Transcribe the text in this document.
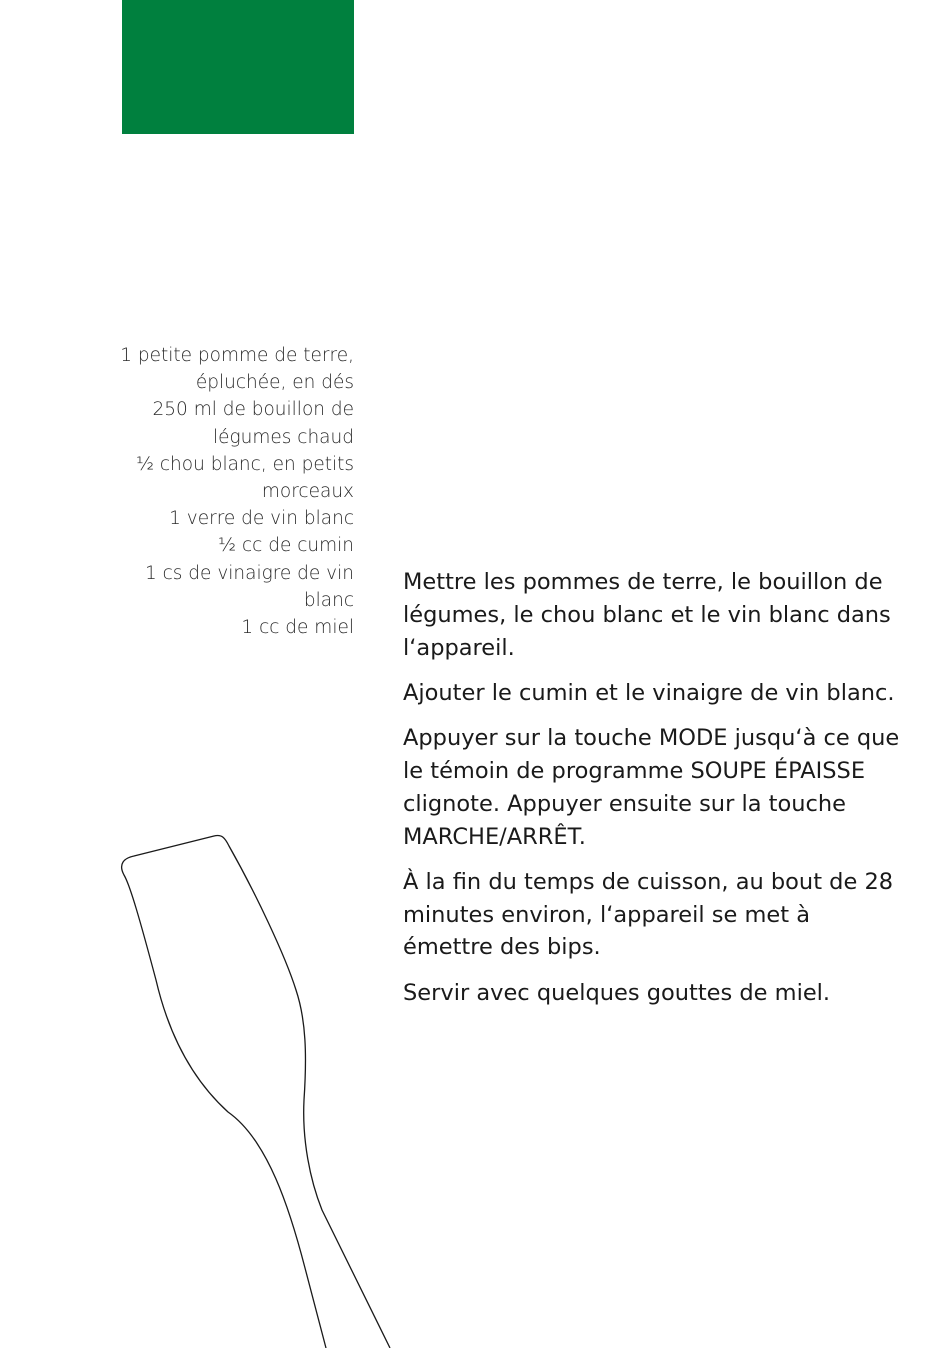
1 petite pomme de terre, épluchée, en dés
250 ml de bouillon de légumes chaud
½ chou blanc, en petits morceaux
1 verre de vin blanc
½ cc de cumin
1 cs de vinaigre de vin blanc
1 cc de miel

Mettre les pommes de terre, le bouillon de légumes, le chou blanc et le vin blanc dans l‘appareil.

Ajouter le cumin et le vinaigre de vin blanc.

Appuyer sur la touche MODE jusqu‘à ce que le témoin de programme SOUPE ÉPAISSE clignote. Appuyer ensuite sur la touche MARCHE/ARRÊT.

À la fin du temps de cuisson, au bout de 28 minutes environ, l‘appareil se met à émettre des bips.

Servir avec quelques gouttes de miel.
